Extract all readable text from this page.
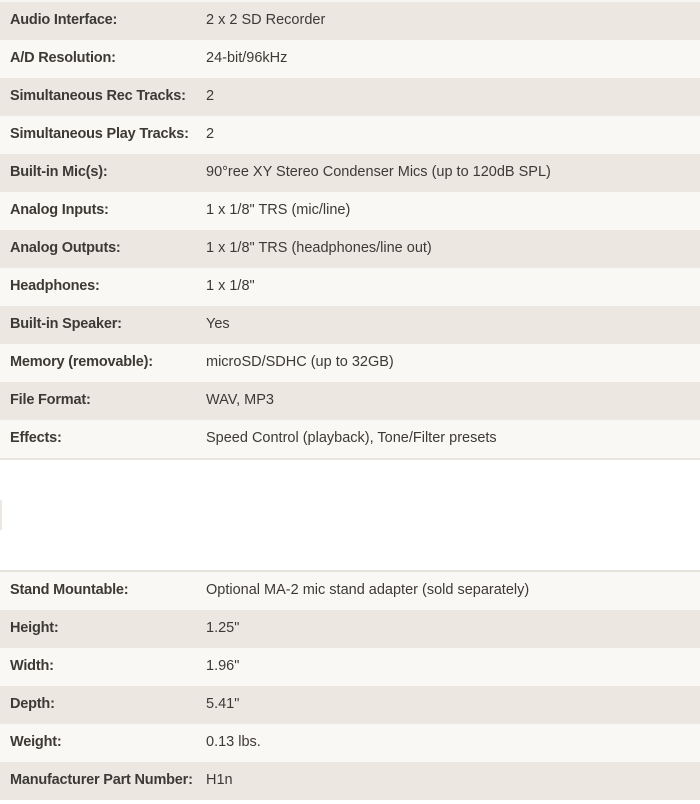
Audio Interface:	2 x 2 SD Recorder
A/D Resolution:	24-bit/96kHz
Simultaneous Rec Tracks:	2
Simultaneous Play Tracks:	2
Built-in Mic(s):	90°ree XY Stereo Condenser Mics (up to 120dB SPL)
Analog Inputs:	1 x 1/8" TRS (mic/line)
Analog Outputs:	1 x 1/8" TRS (headphones/line out)
Headphones:	1 x 1/8"
Built-in Speaker:	Yes
Memory (removable):	microSD/SDHC (up to 32GB)
File Format:	WAV, MP3
Effects:	Speed Control (playback), Tone/Filter presets
Stand Mountable:	Optional MA-2 mic stand adapter (sold separately)
Height:	1.25"
Width:	1.96"
Depth:	5.41"
Weight:	0.13 lbs.
Manufacturer Part Number: H1n
